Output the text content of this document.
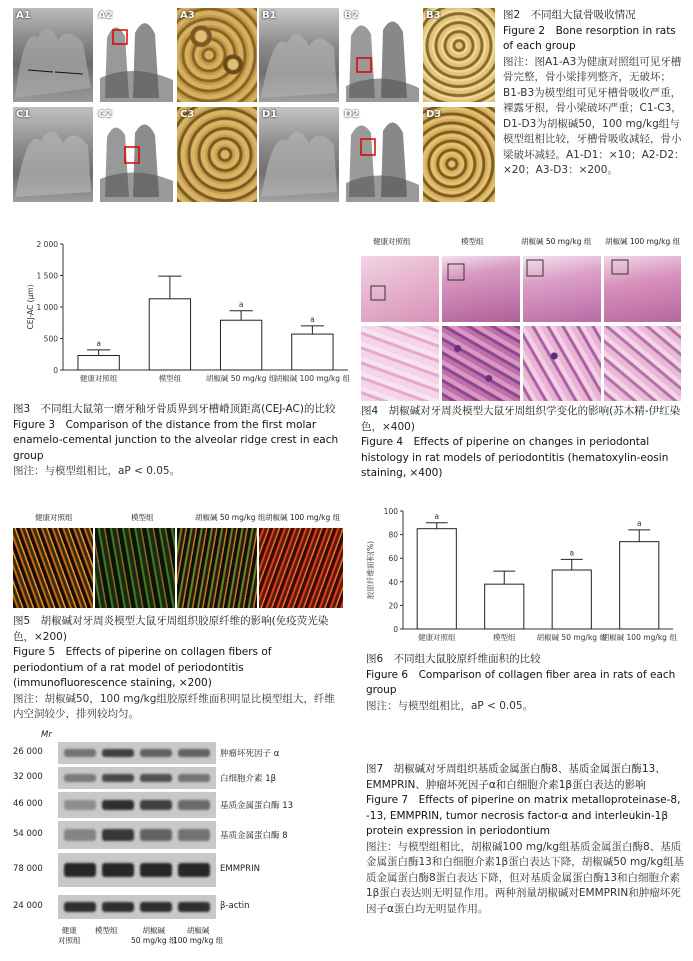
A1	A2	A3	B1	B2	B3
C1	C2	C3	D1	D2	D3
图2　不同组大鼠骨吸收情况
Figure 2　Bone resorption in rats of each group
图注：图A1-A3为健康对照组可见牙槽骨完整，骨小梁排列整齐，无破坏；B1-B3为模型组可见牙槽骨吸收严重，裸露牙根，骨小梁破坏严重；C1-C3，D1-D3为胡椒碱50，100 mg/kg组与模型组相比较，牙槽骨吸收减轻，骨小梁破坏减轻。A1-D1：×10；A2-D2：×20；A3-D3：×200。
0
500
1 000
1 500
2 000
CEJ-AC (μm)
a
健康对照组	模型组
a
胡椒碱 50 mg/kg 组
a
胡椒碱 100 mg/kg 组
图3　不同组大鼠第一磨牙釉牙骨质界到牙槽嵴顶距离(CEJ-AC)的比较
Figure 3　Comparison of the distance from the first molar enamelo-cemental junction to the alveolar ridge crest in each group
图注：与模型组相比，aP < 0.05。
健康对照组	模型组	胡椒碱 50 mg/kg 组 胡椒碱 100 mg/kg 组
图4　胡椒碱对牙周炎模型大鼠牙周组织学变化的影响(苏木精-伊红染色，×400)
Figure 4　Effects of piperine on changes in periodontal histology in rat models of periodontitis (hematoxylin-eosin staining, ×400)
健康对照组	模型组	胡椒碱 50 mg/kg 组 胡椒碱 100 mg/kg 组
图5　胡椒碱对牙周炎模型大鼠牙周组织胶原纤维的影响(免疫荧光染色，×200)
Figure 5　Effects of piperine on collagen fibers of periodontium of a rat model of periodontitis (immunofluorescence staining, ×200)
图注：胡椒碱50，100 mg/kg组胶原纤维面积明显比模型组大，纤维内空洞较少，排列较均匀。
0
20
40
60
80
100
胶原纤维面积(%)
a
健康对照组	模型组
a
胡椒碱 50 mg/kg 组
a
胡椒碱 100 mg/kg 组
图6　不同组大鼠胶原纤维面积的比较
Figure 6　Comparison of collagen fiber area in rats of each group
图注：与模型组相比，aP < 0.05。
Mr
26 000	肿瘤坏死因子 α
32 000	白细胞介素 1β
46 000	基质金属蛋白酶 13
54 000	基质金属蛋白酶 8
78 000	EMMPRIN
24 000	β-actin
健康
对照组
模型组	胡椒碱
50 mg/kg 组
胡椒碱
100 mg/kg 组
图7　胡椒碱对牙周组织基质金属蛋白酶8、基质金属蛋白酶13、EMMPRIN、肿瘤坏死因子α和白细胞介素1β蛋白表达的影响
Figure 7　Effects of piperine on matrix metalloproteinase-8, -13, EMMPRIN, tumor necrosis factor-α and interleukin-1β protein expression in periodontium
图注：与模型组相比，胡椒碱100 mg/kg组基质金属蛋白酶8、基质金属蛋白酶13和白细胞介素1β蛋白表达下降，胡椒碱50 mg/kg组基质金属蛋白酶8蛋白表达下降，但对基质金属蛋白酶13和白细胞介素1β蛋白表达则无明显作用。两种剂量胡椒碱对EMMPRIN和肿瘤坏死因子α蛋白均无明显作用。
